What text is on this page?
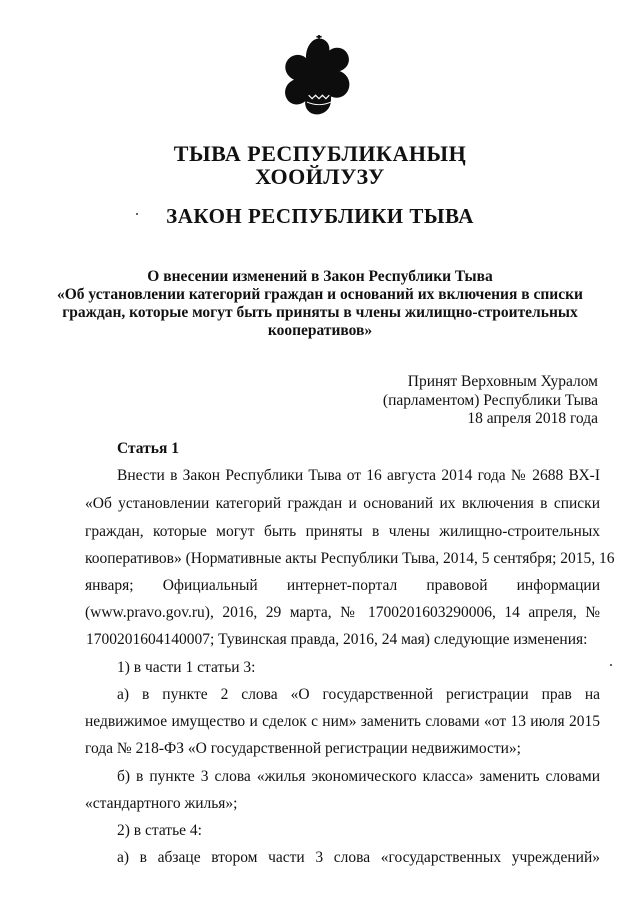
ТЫВА РЕСПУБЛИКАНЫҢ
ХООЙЛУЗУ
ЗАКОН РЕСПУБЛИКИ ТЫВА
О внесении изменений в Закон Республики Тыва
«Об установлении категорий граждан и оснований их включения в списки
граждан, которые могут быть приняты в члены жилищно-строительных
кооперативов»
Принят Верховным Хуралом
(парламентом) Республики Тыва
18 апреля 2018 года
Статья 1
Внести в Закон Республики Тыва от 16 августа 2014 года № 2688 ВХ-I
«Об установлении категорий граждан и оснований их включения в списки
граждан, которые могут быть приняты в члены жилищно-строительных
кооперативов» (Нормативные акты Республики Тыва, 2014, 5 сентября; 2015, 16
января; Официальный интернет-портал правовой информации
(www.pravo.gov.ru), 2016, 29 марта, № 1700201603290006, 14 апреля, №
1700201604140007; Тувинская правда, 2016, 24 мая) следующие изменения:
1) в части 1 статьи 3:
а) в пункте 2 слова «О государственной регистрации прав на
недвижимое имущество и сделок с ним» заменить словами «от 13 июля 2015
года № 218-ФЗ «О государственной регистрации недвижимости»;
б) в пункте 3 слова «жилья экономического класса» заменить словами
«стандартного жилья»;
2) в статье 4:
а) в абзаце втором части 3 слова «государственных учреждений»
